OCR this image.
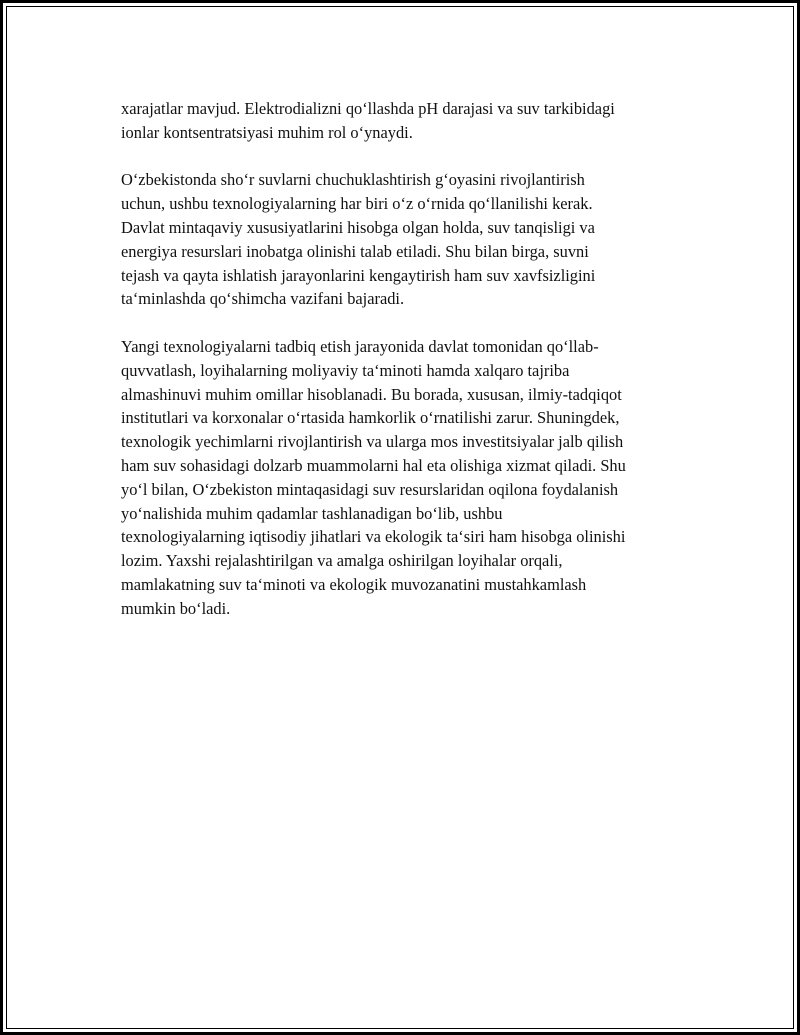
xarajatlar mavjud. Elektrodializni qo‘llashda pH darajasi va suv tarkibidagi
ionlar kontsentratsiyasi muhim rol o‘ynaydi.

O‘zbekistonda sho‘r suvlarni chuchuklashtirish g‘oyasini rivojlantirish
uchun, ushbu texnologiyalarning har biri o‘z o‘rnida qo‘llanilishi kerak.
Davlat mintaqaviy xususiyatlarini hisobga olgan holda, suv tanqisligi va
energiya resurslari inobatga olinishi talab etiladi. Shu bilan birga, suvni
tejash va qayta ishlatish jarayonlarini kengaytirish ham suv xavfsizligini
ta‘minlashda qo‘shimcha vazifani bajaradi.

Yangi texnologiyalarni tadbiq etish jarayonida davlat tomonidan qo‘llab-
quvvatlash, loyihalarning moliyaviy ta‘minoti hamda xalqaro tajriba
almashinuvi muhim omillar hisoblanadi. Bu borada, xususan, ilmiy-tadqiqot
institutlari va korxonalar o‘rtasida hamkorlik o‘rnatilishi zarur. Shuningdek,
texnologik yechimlarni rivojlantirish va ularga mos investitsiyalar jalb qilish
ham suv sohasidagi dolzarb muammolarni hal eta olishiga xizmat qiladi. Shu
yo‘l bilan, O‘zbekiston mintaqasidagi suv resurslaridan oqilona foydalanish
yo‘nalishida muhim qadamlar tashlanadigan bo‘lib, ushbu
texnologiyalarning iqtisodiy jihatlari va ekologik ta‘siri ham hisobga olinishi
lozim. Yaxshi rejalashtirilgan va amalga oshirilgan loyihalar orqali,
mamlakatning suv ta‘minoti va ekologik muvozanatini mustahkamlash
mumkin bo‘ladi.
